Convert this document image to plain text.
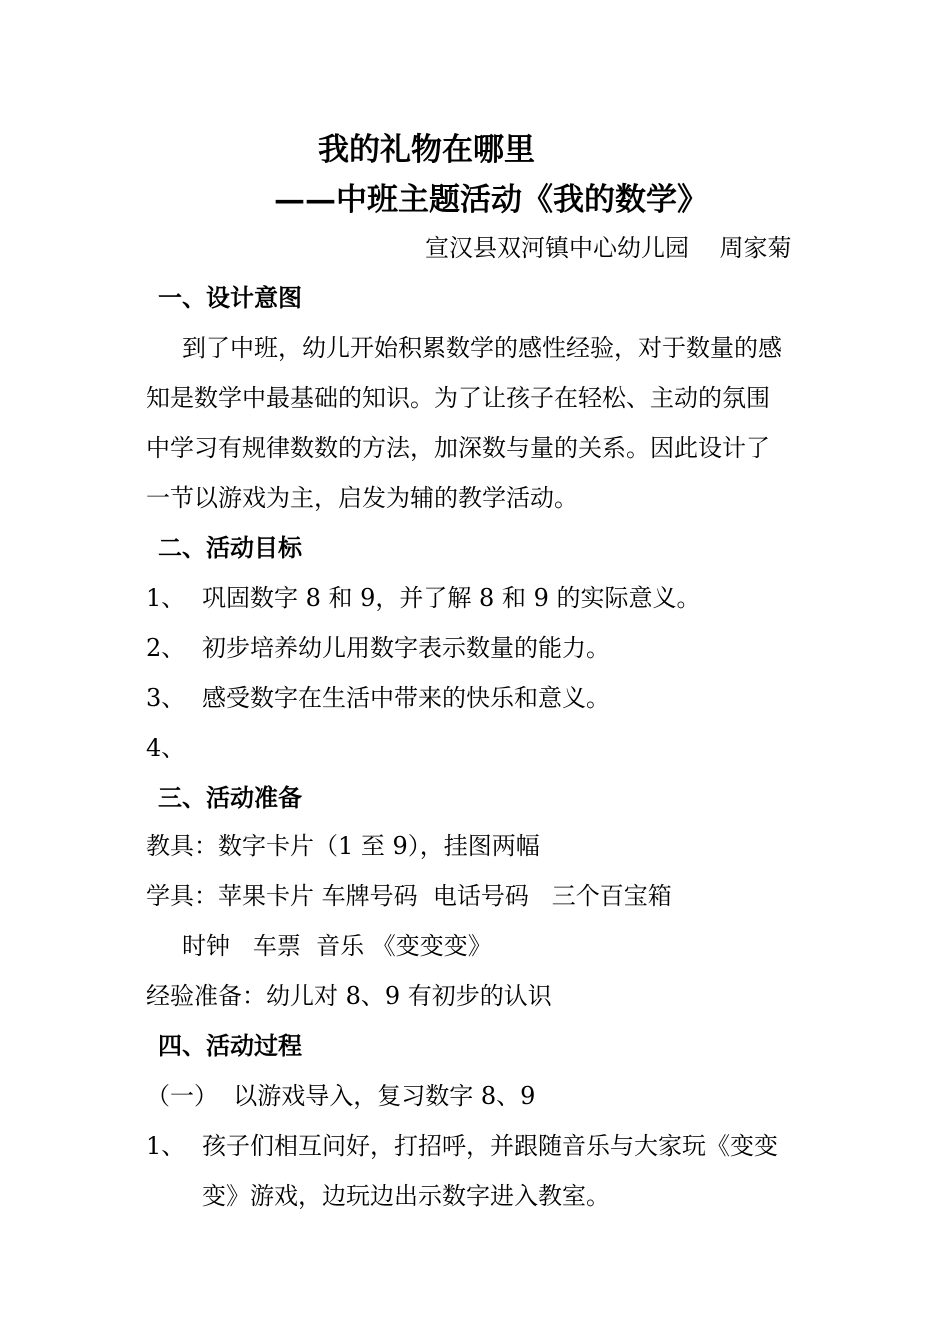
我的礼物在哪里
——中班主题活动《我的数学》
宣汉县双河镇中心幼儿园    周家菊
一、设计意图
到了中班，幼儿开始积累数学的感性经验，对于数量的感
知是数学中最基础的知识。为了让孩子在轻松、主动的氛围
中学习有规律数数的方法，加深数与量的关系。因此设计了
一节以游戏为主，启发为辅的教学活动。
二、活动目标
1、 巩固数字 8 和 9，并了解 8 和 9 的实际意义。
2、 初步培养幼儿用数字表示数量的能力。
3、 感受数字在生活中带来的快乐和意义。
4、
三、活动准备
教具：数字卡片（1 至 9），挂图两幅
学具：苹果卡片 车牌号码  电话号码   三个百宝箱
时钟   车票  音乐 《变变变》
经验准备：幼儿对 8、9 有初步的认识
四、活动过程
（一）  以游戏导入，复习数字 8、9
1、 孩子们相互问好，打招呼，并跟随音乐与大家玩《变变
变》游戏，边玩边出示数字进入教室。
